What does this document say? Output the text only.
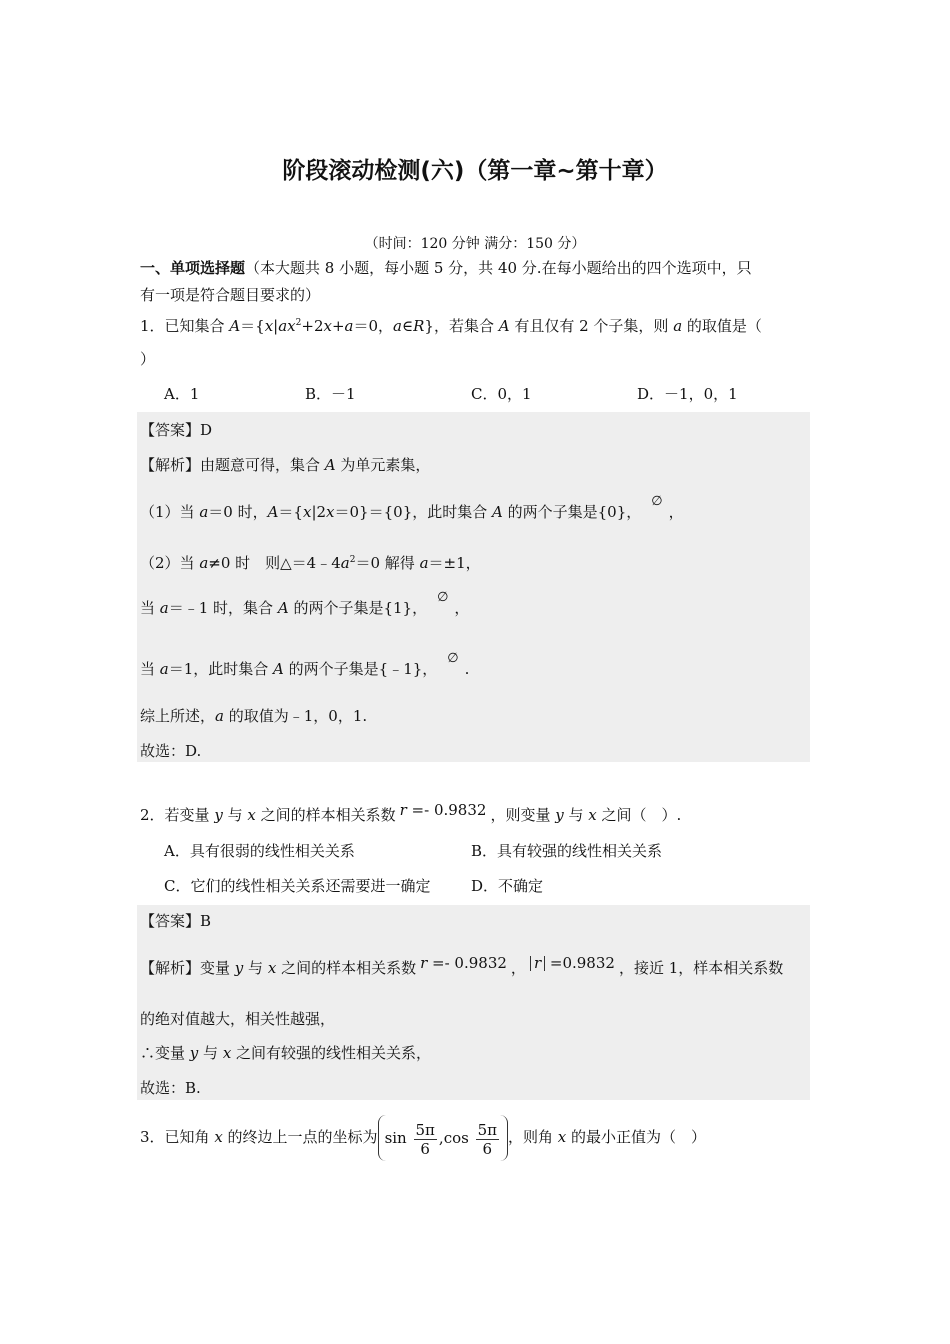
阶段滚动检测(六)（第一章~第十章）
（时间：120 分钟 满分：150 分）
一、单项选择题（本大题共 8 小题，每小题 5 分，共 40 分.在每小题给出的四个选项中，只
有一项是符合题目要求的）
1．已知集合 $A=\{x|ax^2+2x+a=0$，a∈R}，若集合 A 有且仅有 2 个子集，则 a 的取值是（
）
A．1	B．－1	C．0，1	D．－1，0，1
【答案】D
【解析】由题意可得，集合 A 为单元素集，
（1）当 a＝0 时，A＝{x|2x＝0}＝{0}，此时集合 A 的两个子集是{0}，∅，
（2）当 a≠0 时　则$\triangle=4﹣4a^2=0$ 解得 a＝±1，
当 a＝﹣1 时，集合 A 的两个子集是{1}，∅，
当 a＝1，此时集合 A 的两个子集是{﹣1}，∅.
综上所述，a 的取值为﹣1，0，1.
故选：D.
2．若变量 y 与 x 之间的样本相关系数 r =- 0.9832 ，则变量 y 与 x 之间（　）.
A．具有很弱的线性相关关系	B．具有较强的线性相关关系
C．它们的线性相关关系还需要进一确定	D．不确定
【答案】B
【解析】变量 y 与 x 之间的样本相关系数 r =- 0.9832 ， r =0.9832 ，接近 1，样本相关系数
的绝对值越大，相关性越强，
∴变量 y 与 x 之间有较强的线性相关关系，
故选：B.
3．已知角 x 的终边上一点的坐标为 $\sin \frac{5\pi}{6} ,\cos \frac{5\pi}{6}$ ，则角 x 的最小正值为（　）
